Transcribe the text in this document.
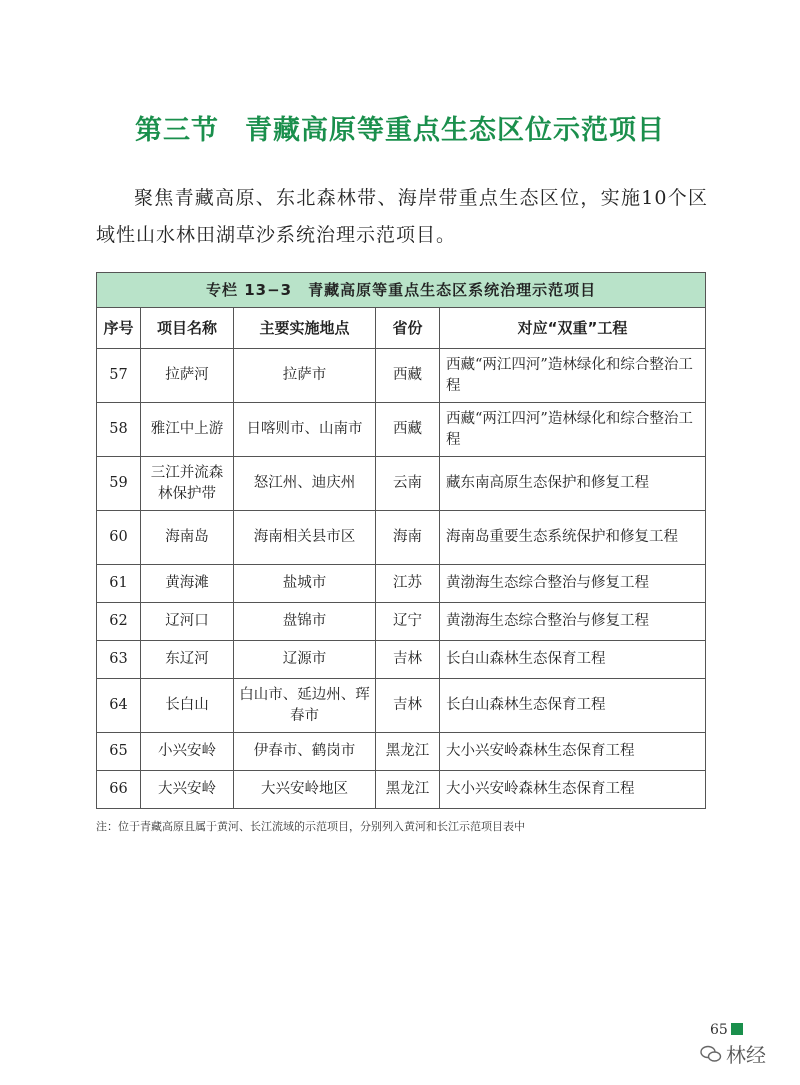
第三节 青藏高原等重点生态区位示范项目
聚焦青藏高原、东北森林带、海岸带重点生态区位，实施10个区域性山水林田湖草沙系统治理示范项目。
专栏 13−3　青藏高原等重点生态区系统治理示范项目				
序号	项目名称	主要实施地点	省份	对应“双重”工程
57	拉萨河	拉萨市	西藏	西藏“两江四河”造林绿化和综合整治工程
58	雅江中上游	日喀则市、山南市	西藏	西藏“两江四河”造林绿化和综合整治工程
59	三江并流森林保护带	怒江州、迪庆州	云南	藏东南高原生态保护和修复工程
60	海南岛	海南相关县市区	海南	海南岛重要生态系统保护和修复工程
61	黄海滩	盐城市	江苏	黄渤海生态综合整治与修复工程
62	辽河口	盘锦市	辽宁	黄渤海生态综合整治与修复工程
63	东辽河	辽源市	吉林	长白山森林生态保育工程
64	长白山	白山市、延边州、珲春市	吉林	长白山森林生态保育工程
65	小兴安岭	伊春市、鹤岗市	黑龙江	大小兴安岭森林生态保育工程
66	大兴安岭	大兴安岭地区	黑龙江	大小兴安岭森林生态保育工程
注：位于青藏高原且属于黄河、长江流域的示范项目，分别列入黄河和长江示范项目表中
65
林经
